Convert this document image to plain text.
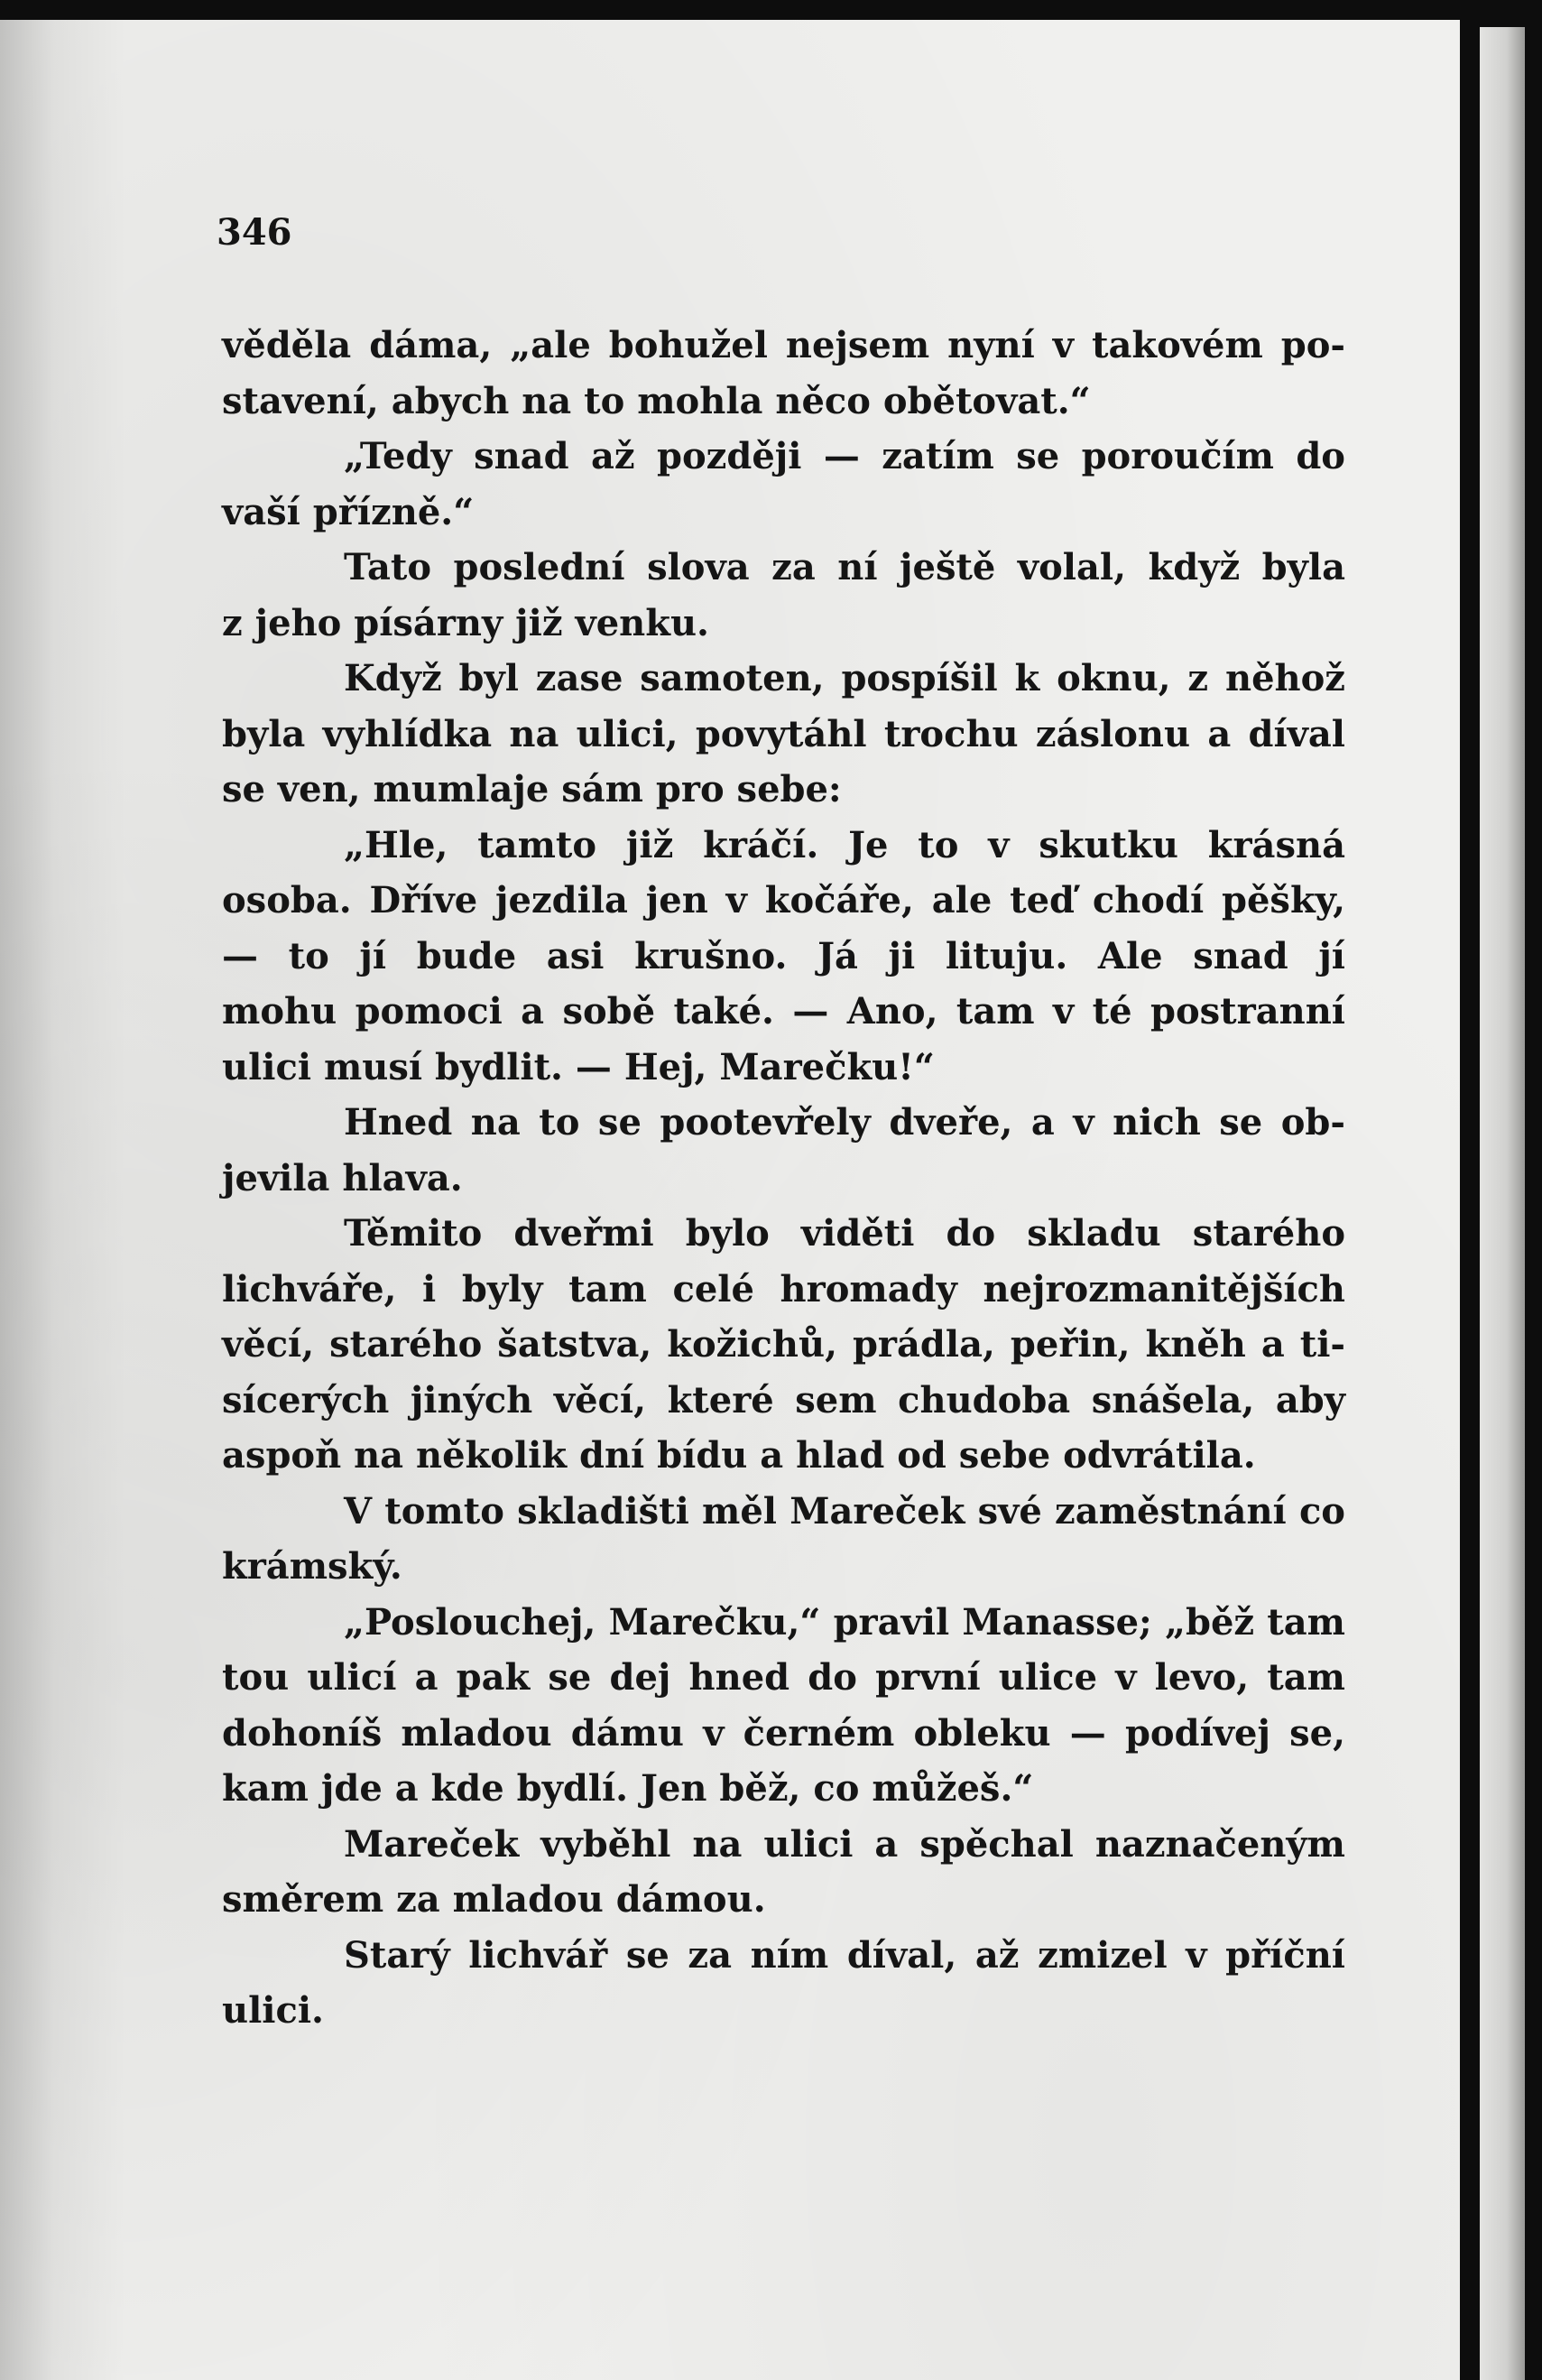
346

věděla dáma, „ale bohužel nejsem nyní v takovém po-
stavení, abych na to mohla něco obětovat.“
„Tedy snad až později — zatím se poroučím do
vaší přízně.“
Tato poslední slova za ní ještě volal, když byla
z jeho písárny již venku.
Když byl zase samoten, pospíšil k oknu, z něhož
byla vyhlídka na ulici, povytáhl trochu záslonu a díval
se ven, mumlaje sám pro sebe:
„Hle, tamto již kráčí. Je to v skutku krásná
osoba. Dříve jezdila jen v kočáře, ale teď chodí pěšky,
— to jí bude asi krušno. Já ji lituju. Ale snad jí
mohu pomoci a sobě také. — Ano, tam v té postranní
ulici musí bydlit. — Hej, Marečku!“
Hned na to se pootevřely dveře, a v nich se ob-
jevila hlava.
Těmito dveřmi bylo viděti do skladu starého
lichváře, i byly tam celé hromady nejrozmanitějších
věcí, starého šatstva, kožichů, prádla, peřin, kněh a ti-
sícerých jiných věcí, které sem chudoba snášela, aby
aspoň na několik dní bídu a hlad od sebe odvrátila.
V tomto skladišti měl Mareček své zaměstnání co
krámský.
„Poslouchej, Marečku,“ pravil Manasse; „běž tam
tou ulicí a pak se dej hned do první ulice v levo, tam
dohoníš mladou dámu v černém obleku — podívej se,
kam jde a kde bydlí. Jen běž, co můžeš.“
Mareček vyběhl na ulici a spěchal naznačeným
směrem za mladou dámou.
Starý lichvář se za ním díval, až zmizel v příční
ulici.
